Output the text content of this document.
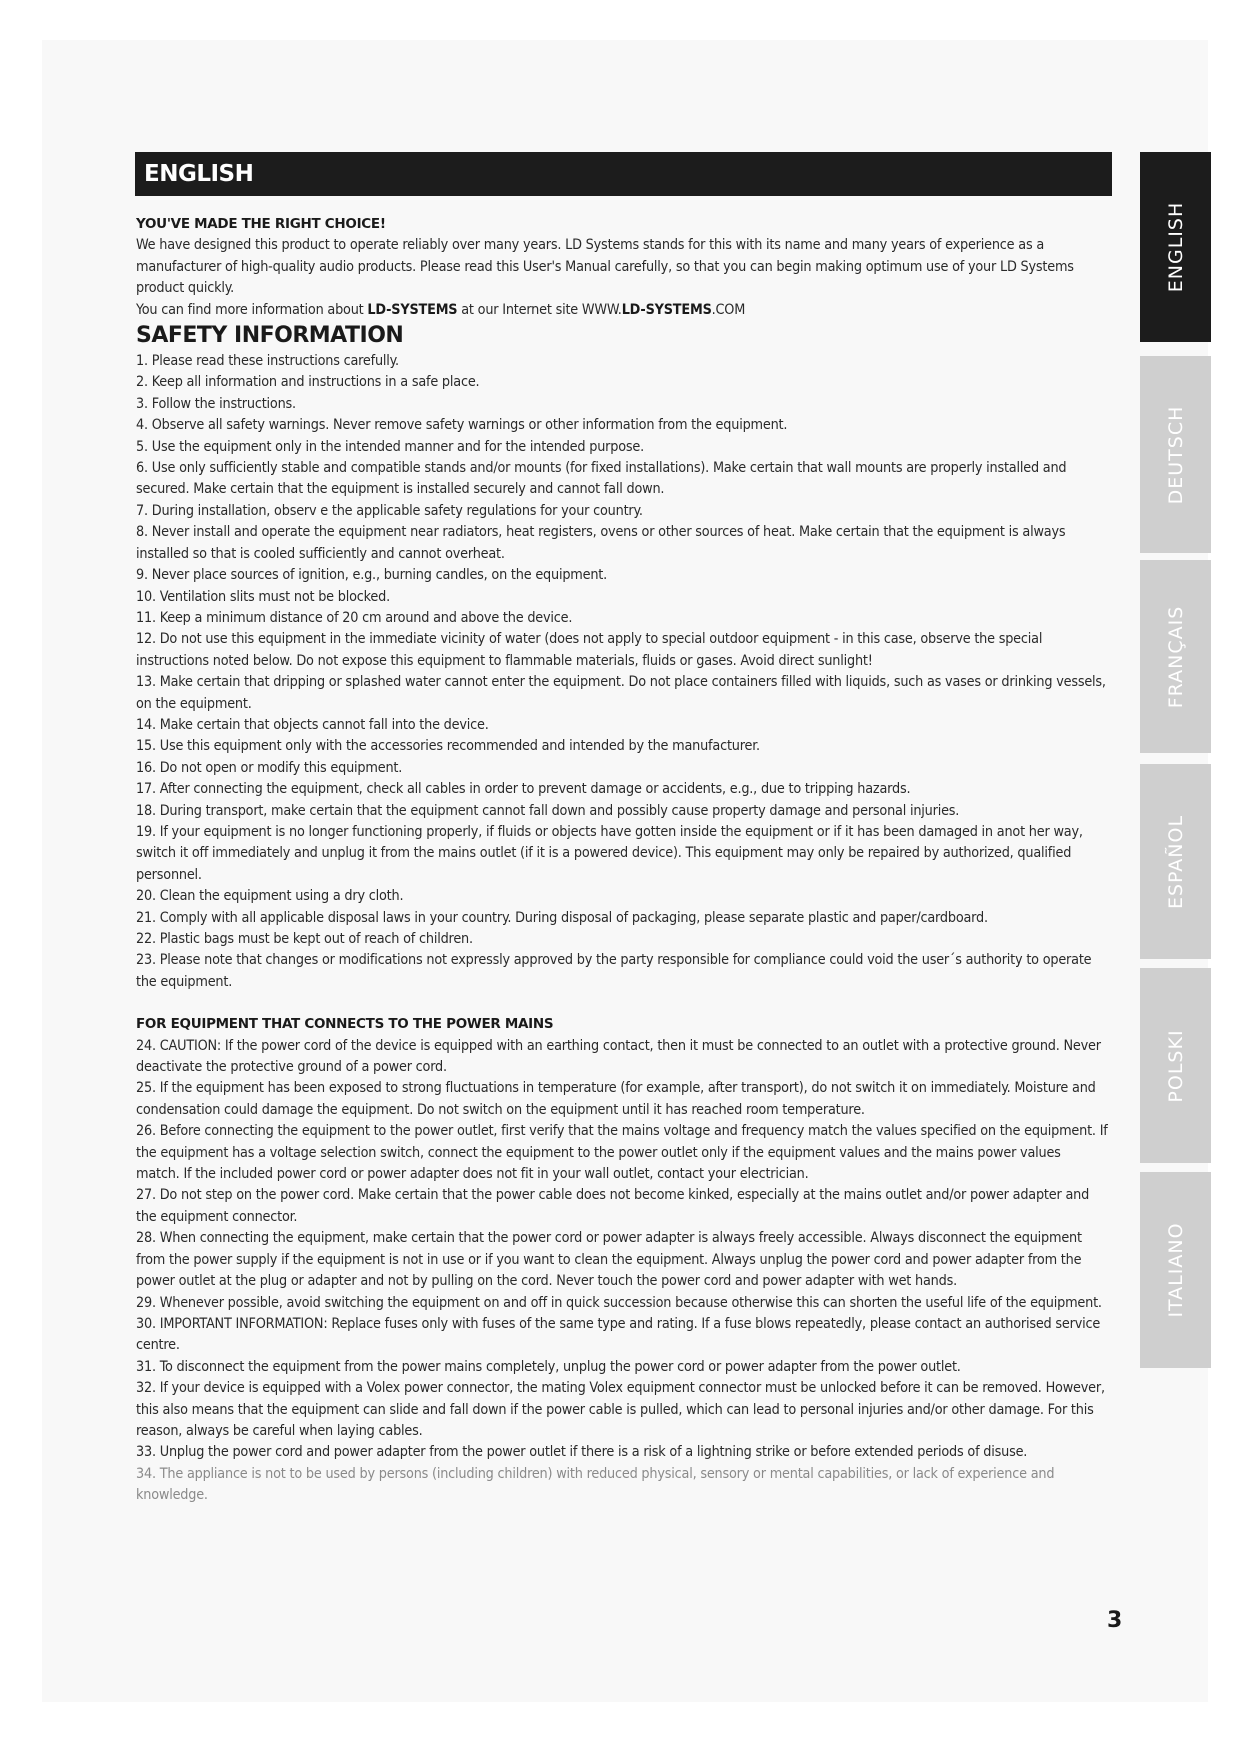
ENGLISH

YOU'VE MADE THE RIGHT CHOICE!

We have designed this product to operate reliably over many years. LD Systems stands for this with its name and many years of experience as a manufacturer of high-quality audio products. Please read this User's Manual carefully, so that you can begin making optimum use of your LD Systems product quickly.

You can find more information about LD-SYSTEMS at our Internet site WWW.LD-SYSTEMS.COM

SAFETY INFORMATION

1. Please read these instructions carefully.

2. Keep all information and instructions in a safe place.

3. Follow the instructions.

4. Observe all safety warnings. Never remove safety warnings or other information from the equipment.

5. Use the equipment only in the intended manner and for the intended purpose.

6. Use only sufficiently stable and compatible stands and/or mounts (for fixed installations). Make certain that wall mounts are properly installed and secured. Make certain that the equipment is installed securely and cannot fall down.

7. During installation, observ e the applicable safety regulations for your country.

8. Never install and operate the equipment near radiators, heat registers, ovens or other sources of heat. Make certain that the equipment is always installed so that is cooled sufficiently and cannot overheat.

9. Never place sources of ignition, e.g., burning candles, on the equipment.

10. Ventilation slits must not be blocked.

11. Keep a minimum distance of 20 cm around and above the device.

12. Do not use this equipment in the immediate vicinity of water (does not apply to special outdoor equipment - in this case, observe the special instructions noted below. Do not expose this equipment to flammable materials, fluids or gases. Avoid direct sunlight!

13. Make certain that dripping or splashed water cannot enter the equipment. Do not place containers filled with liquids, such as vases or drinking vessels, on the equipment.

14. Make certain that objects cannot fall into the device.

15. Use this equipment only with the accessories recommended and intended by the manufacturer.

16. Do not open or modify this equipment.

17. After connecting the equipment, check all cables in order to prevent damage or accidents, e.g., due to tripping hazards.

18. During transport, make certain that the equipment cannot fall down and possibly cause property damage and personal injuries.

19. If your equipment is no longer functioning properly, if fluids or objects have gotten inside the equipment or if it has been damaged in anot her way, switch it off immediately and unplug it from the mains outlet (if it is a powered device). This equipment may only be repaired by authorized, qualified personnel.

20. Clean the equipment using a dry cloth.

21. Comply with all applicable disposal laws in your country. During disposal of packaging, please separate plastic and paper/cardboard.

22. Plastic bags must be kept out of reach of children.

23. Please note that changes or modifications not expressly approved by the party responsible for compliance could void the user´s authority to operate the equipment.

FOR EQUIPMENT THAT CONNECTS TO THE POWER MAINS

24. CAUTION: If the power cord of the device is equipped with an earthing contact, then it must be connected to an outlet with a protective ground. Never deactivate the protective ground of a power cord.

25. If the equipment has been exposed to strong fluctuations in temperature (for example, after transport), do not switch it on immediately. Moisture and condensation could damage the equipment. Do not switch on the equipment until it has reached room temperature.

26. Before connecting the equipment to the power outlet, first verify that the mains voltage and frequency match the values specified on the equipment. If the equipment has a voltage selection switch, connect the equipment to the power outlet only if the equipment values and the mains power values match. If the included power cord or power adapter does not fit in your wall outlet, contact your electrician.

27. Do not step on the power cord. Make certain that the power cable does not become kinked, especially at the mains outlet and/or power adapter and the equipment connector.

28. When connecting the equipment, make certain that the power cord or power adapter is always freely accessible. Always disconnect the equipment from the power supply if the equipment is not in use or if you want to clean the equipment. Always unplug the power cord and power adapter from the power outlet at the plug or adapter and not by pulling on the cord. Never touch the power cord and power adapter with wet hands.

29. Whenever possible, avoid switching the equipment on and off in quick succession because otherwise this can shorten the useful life of the equipment.

30. IMPORTANT INFORMATION: Replace fuses only with fuses of the same type and rating. If a fuse blows repeatedly, please contact an authorised service centre.

31. To disconnect the equipment from the power mains completely, unplug the power cord or power adapter from the power outlet.

32. If your device is equipped with a Volex power connector, the mating Volex equipment connector must be unlocked before it can be removed. However, this also means that the equipment can slide and fall down if the power cable is pulled, which can lead to personal injuries and/or other damage. For this reason, always be careful when laying cables.

33. Unplug the power cord and power adapter from the power outlet if there is a risk of a lightning strike or before extended periods of disuse.

34. The appliance is not to be used by persons (including children) with reduced physical, sensory or mental capabilities, or lack of experience and knowledge.

ENGLISH
DEUTSCH
FRANÇAIS
ESPAÑOL
POLSKI
ITALIANO
3
